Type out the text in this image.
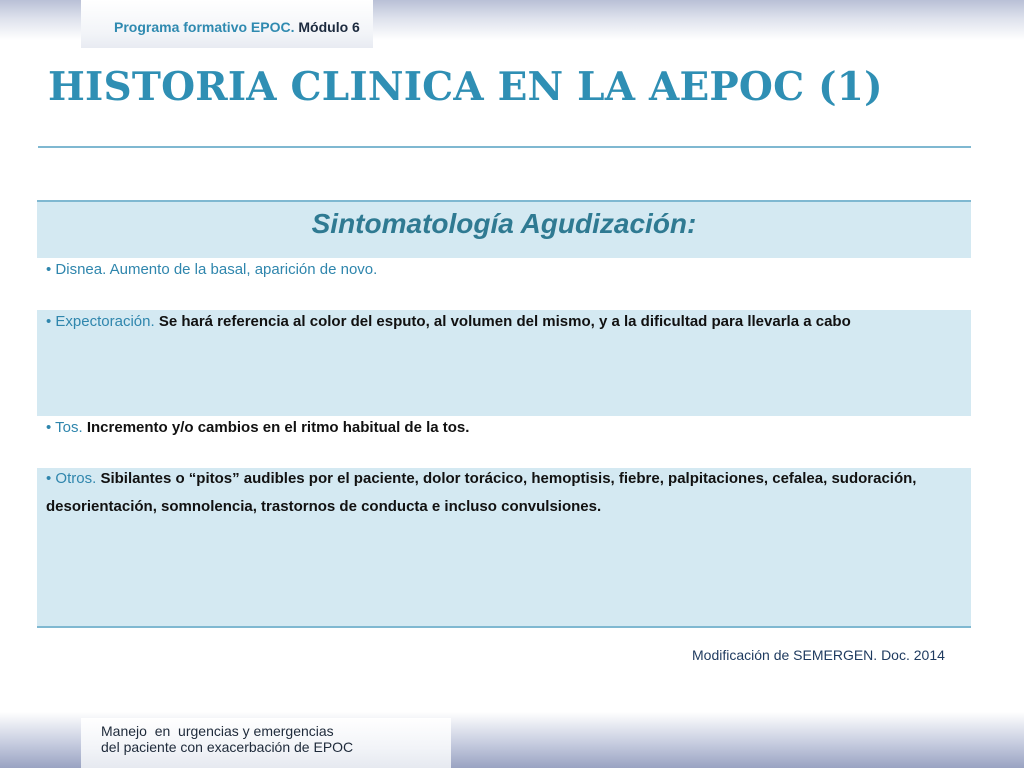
Programa formativo EPOC. Módulo 6
HISTORIA CLINICA EN LA AEPOC (1)
Sintomatología Agudización:
• Disnea. Aumento de la basal, aparición de novo.
• Expectoración. Se hará referencia al color del esputo, al volumen del mismo, y a la dificultad para llevarla a cabo
• Tos. Incremento y/o cambios en el ritmo habitual de la tos.
• Otros. Sibilantes o “pitos” audibles por el paciente, dolor torácico, hemoptisis, fiebre, palpitaciones, cefalea, sudoración, desorientación, somnolencia, trastornos de conducta e incluso convulsiones.
Modificación de SEMERGEN. Doc. 2014
Manejo  en  urgencias y emergencias
del paciente con exacerbación de EPOC
